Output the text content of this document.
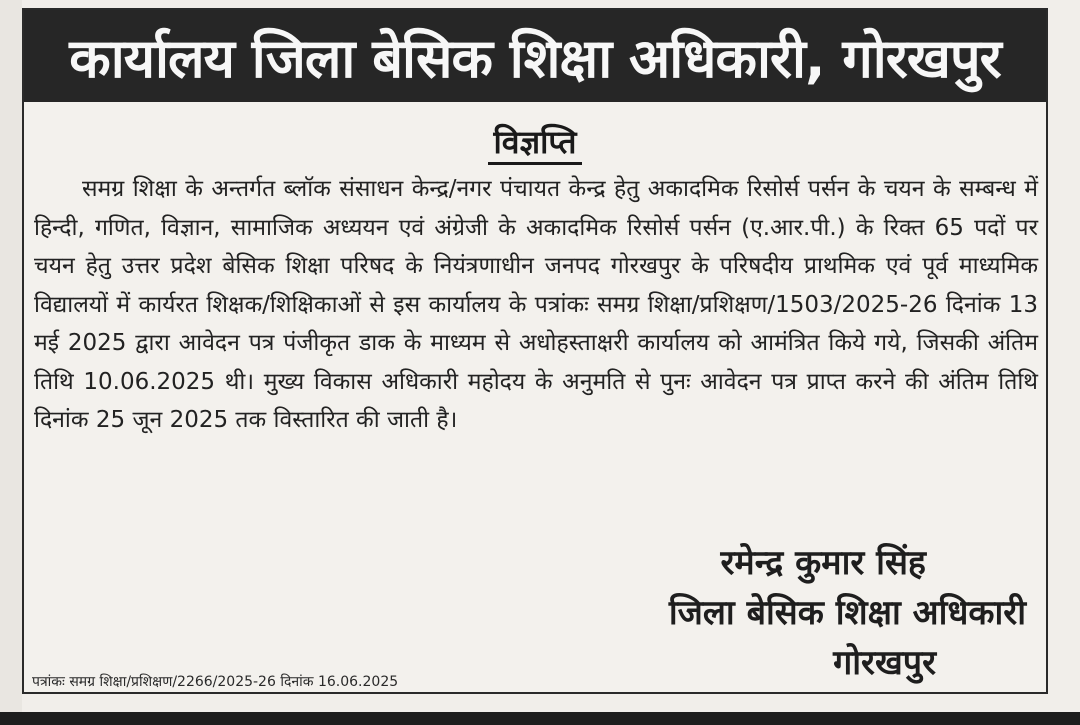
कार्यालय जिला बेसिक शिक्षा अधिकारी, गोरखपुर
विज्ञप्ति
समग्र शिक्षा के अन्तर्गत ब्लॉक संसाधन केन्द्र/नगर पंचायत केन्द्र हेतु अकादमिक रिसोर्स पर्सन के चयन के सम्बन्ध में हिन्दी, गणित, विज्ञान, सामाजिक अध्ययन एवं अंग्रेजी के अकादमिक रिसोर्स पर्सन (ए.आर.पी.) के रिक्त 65 पदों पर चयन हेतु उत्तर प्रदेश बेसिक शिक्षा परिषद के नियंत्रणाधीन जनपद गोरखपुर के परिषदीय प्राथमिक एवं पूर्व माध्यमिक विद्यालयों में कार्यरत शिक्षक/शिक्षिकाओं से इस कार्यालय के पत्रांकः समग्र शिक्षा/प्रशिक्षण/1503/2025-26 दिनांक 13 मई 2025 द्वारा आवेदन पत्र पंजीकृत डाक के माध्यम से अधोहस्ताक्षरी कार्यालय को आमंत्रित किये गये, जिसकी अंतिम तिथि 10.06.2025 थी। मुख्य विकास अधिकारी महोदय के अनुमति से पुनः आवेदन पत्र प्राप्त करने की अंतिम तिथि दिनांक 25 जून 2025 तक विस्तारित की जाती है।
रमेन्द्र कुमार सिंह
जिला बेसिक शिक्षा अधिकारी
गोरखपुर
पत्रांकः समग्र शिक्षा/प्रशिक्षण/2266/2025-26 दिनांक 16.06.2025
